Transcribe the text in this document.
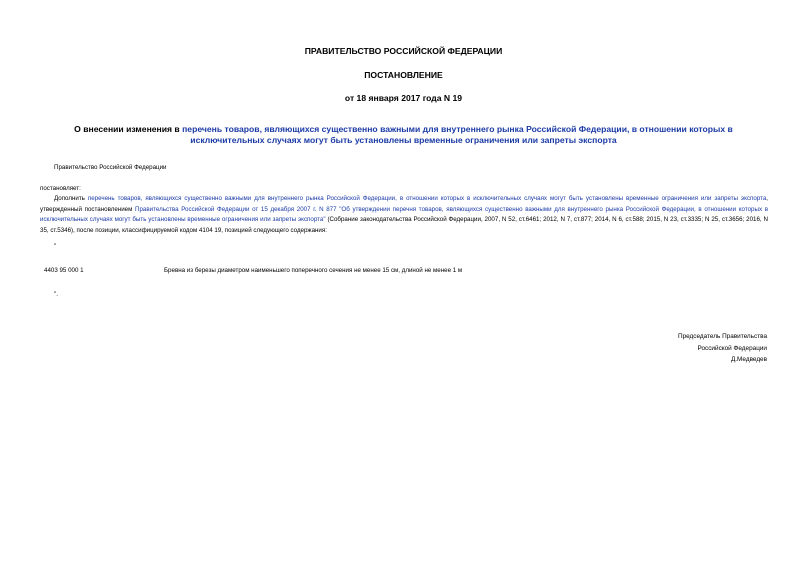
ПРАВИТЕЛЬСТВО РОССИЙСКОЙ ФЕДЕРАЦИИ
ПОСТАНОВЛЕНИЕ
от 18 января 2017 года N 19
О внесении изменения в перечень товаров, являющихся существенно важными для внутреннего рынка Российской Федерации, в отношении которых в исключительных случаях могут быть установлены временные ограничения или запреты экспорта
Правительство Российской Федерации
постановляет:
Дополнить перечень товаров, являющихся существенно важными для внутреннего рынка Российской Федерации, в отношении которых в исключительных случаях могут быть установлены временные ограничения или запреты экспорта, утвержденный постановлением Правительства Российской Федерации от 15 декабря 2007 г. N 877 "Об утверждении перечня товаров, являющихся существенно важными для внутреннего рынка Российской Федерации, в отношении которых в исключительных случаях могут быть установлены временные ограничения или запреты экспорта" (Собрание законодательства Российской Федерации, 2007, N 52, ст.6461; 2012, N 7, ст.877; 2014, N 6, ст.588; 2015, N 23, ст.3335; N 25, ст.3656; 2016, N 35, ст.5346), после позиции, классифицируемой кодом 4104 19, позицией следующего содержания:
"
4403 95 000 1	Бревна из березы диаметром наименьшего поперечного сечения не менее 15 см, длиной не менее 1 м
".
Председатель Правительства
Российской Федерации
Д.Медведев
